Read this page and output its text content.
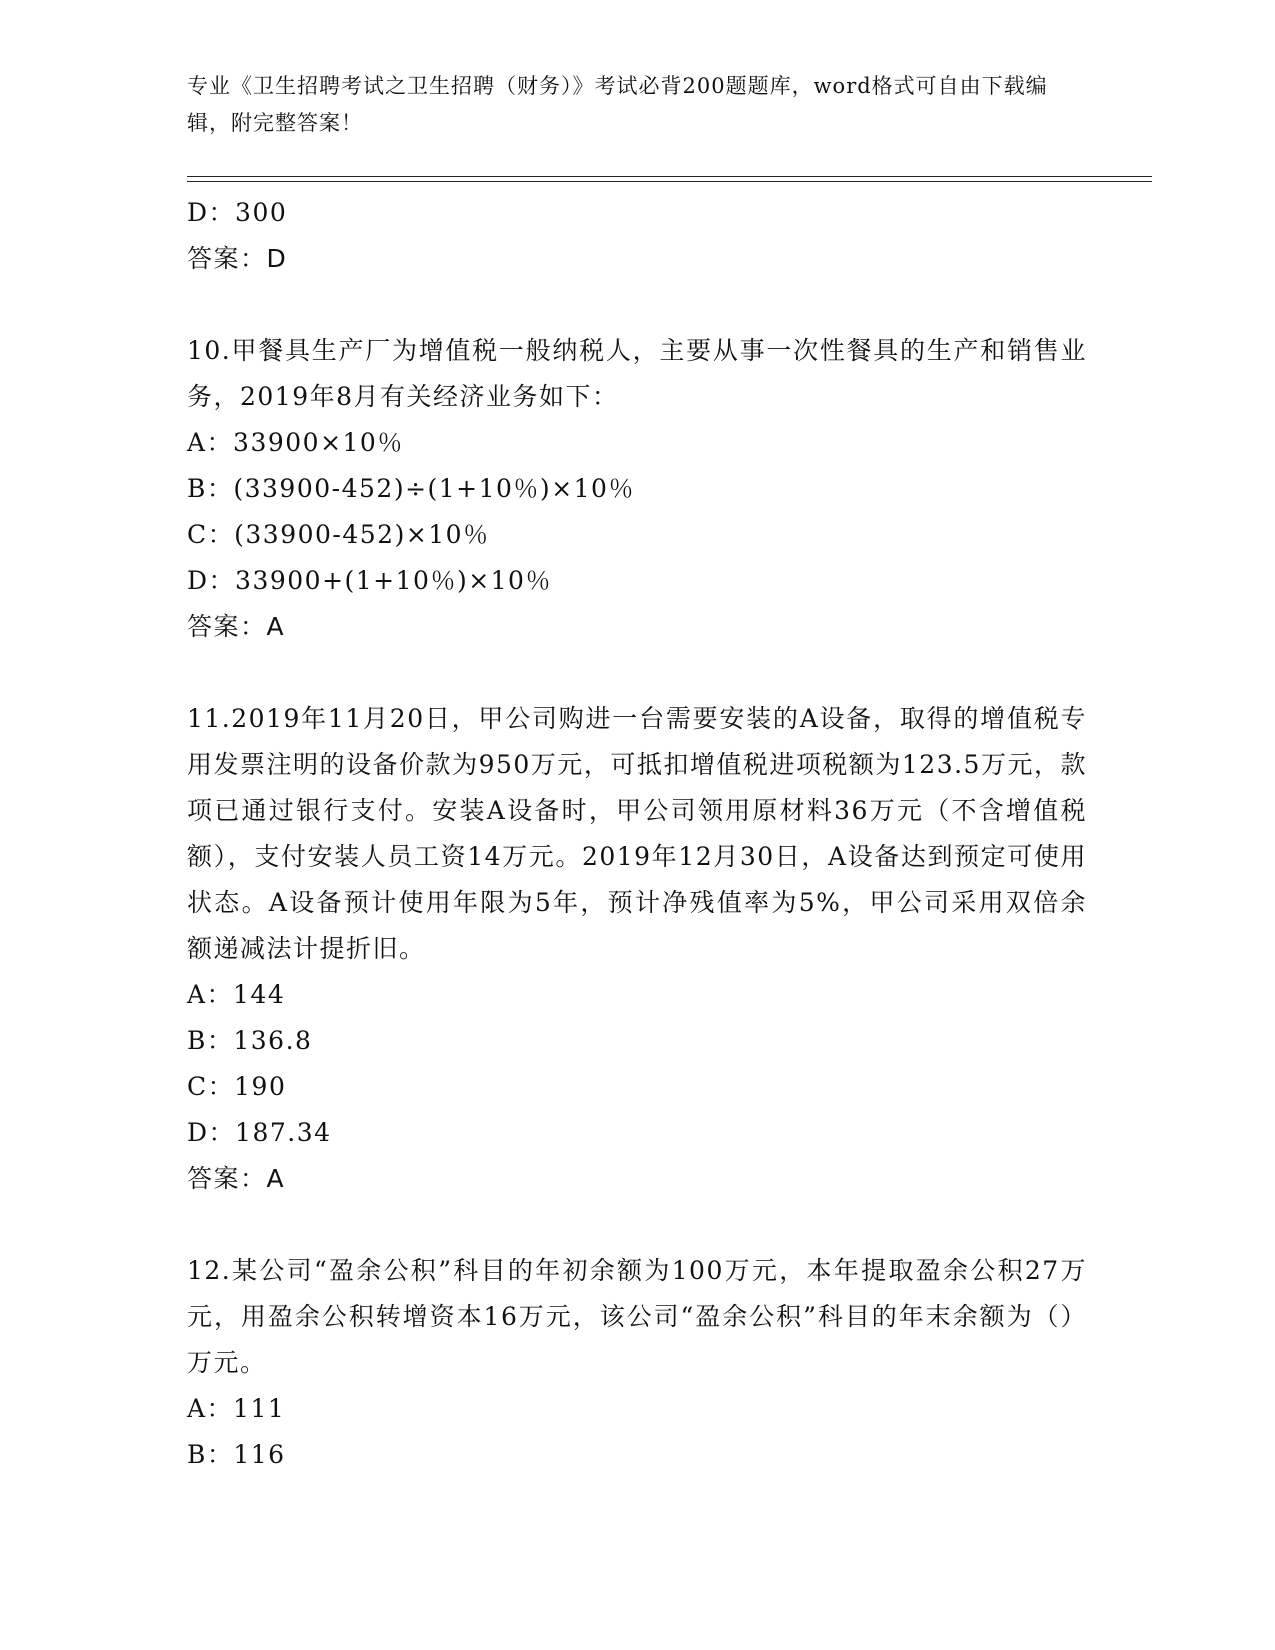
专业《卫生招聘考试之卫生招聘（财务）》考试必背200题题库，word格式可自由下载编辑，附完整答案！
D：300
答案：D
10.甲餐具生产厂为增值税一般纳税人，主要从事一次性餐具的生产和销售业务，2019年8月有关经济业务如下：
A：33900×10％
B：(33900-452)÷(1+10％)×10％
C：(33900-452)×10％
D：33900+(1+10％)×10％
答案：A
11.2019年11月20日，甲公司购进一台需要安装的A设备，取得的增值税专用发票注明的设备价款为950万元，可抵扣增值税进项税额为123.5万元，款项已通过银行支付。安装A设备时，甲公司领用原材料36万元（不含增值税额），支付安装人员工资14万元。2019年12月30日，A设备达到预定可使用状态。A设备预计使用年限为5年，预计净残值率为5%，甲公司采用双倍余额递减法计提折旧。
A：144
B：136.8
C：190
D：187.34
答案：A
12.某公司“盈余公积”科目的年初余额为100万元，本年提取盈余公积27万元，用盈余公积转增资本16万元，该公司“盈余公积”科目的年末余额为（）万元。
A：111
B：116
